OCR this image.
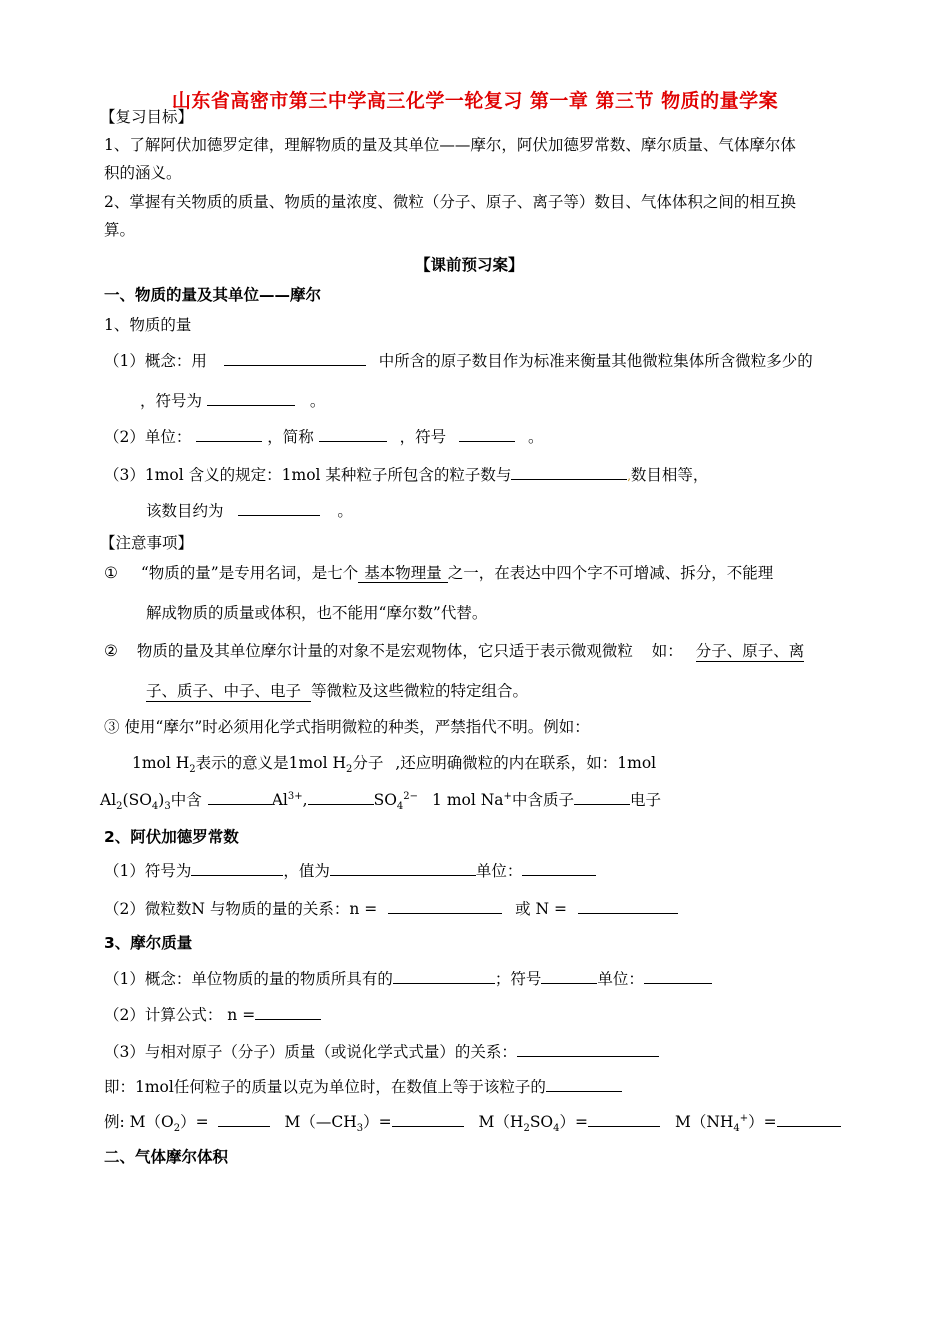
山东省高密市第三中学高三化学一轮复习 第一章 第三节 物质的量学案
【复习目标】
1、了解阿伏加德罗定律，理解物质的量及其单位——摩尔，阿伏加德罗常数、摩尔质量、气体摩尔体
积的涵义。
2、掌握有关物质的质量、物质的量浓度、微粒（分子、原子、离子等）数目、气体体积之间的相互换
算。
【课前预习案】
一、物质的量及其单位——摩尔
1、物质的量
（1）概念：用	中所含的原子数目作为标准来衡量其他微粒集体所含微粒多少的
，符号为	。
（2）单位：	，简称	，符号	。
（3）1mol 含义的规定：1mol 某种粒子所包含的粒子数与	,数目相等，
该数目约为	。
【注意事项】
① “物质的量”是专用名词，是七个 基本物理量 之一，在表达中四个字不可增减、拆分，不能理
解成物质的质量或体积，也不能用“摩尔数”代替。
② 物质的量及其单位摩尔计量的对象不是宏观物体，它只适于表示微观微粒 如： 分子、原子、离
子、质子、中子、电子 等微粒及这些微粒的特定组合。
③ 使用“摩尔”时必须用化学式指明微粒的种类，严禁指代不明。例如：
1mol $H_2$表示的意义是1mol $H_2$分子 ,还应明确微粒的内在联系，如：1mol
$Al_2(SO_4)_3$中含	$Al^{3+}$,	$SO_4^{2-}$ 1 mol Na+中含质子	电子
2、阿伏加德罗常数
（1）符号为	，值为	单位：
（2）微粒数N 与物质的量的关系：n =	或 N =
3、摩尔质量
（1）概念：单位物质的量的物质所具有的	；符号	单位：
（2）计算公式： n =
（3）与相对原子（分子）质量（或说化学式式量）的关系：
即：1mol任何粒子的质量以克为单位时，在数值上等于该粒子的
例: $M(O_2)=$	$M(—CH_3)=$	$M(H_2SO_4)=$	$M(NH_4^+)=$
二、气体摩尔体积
